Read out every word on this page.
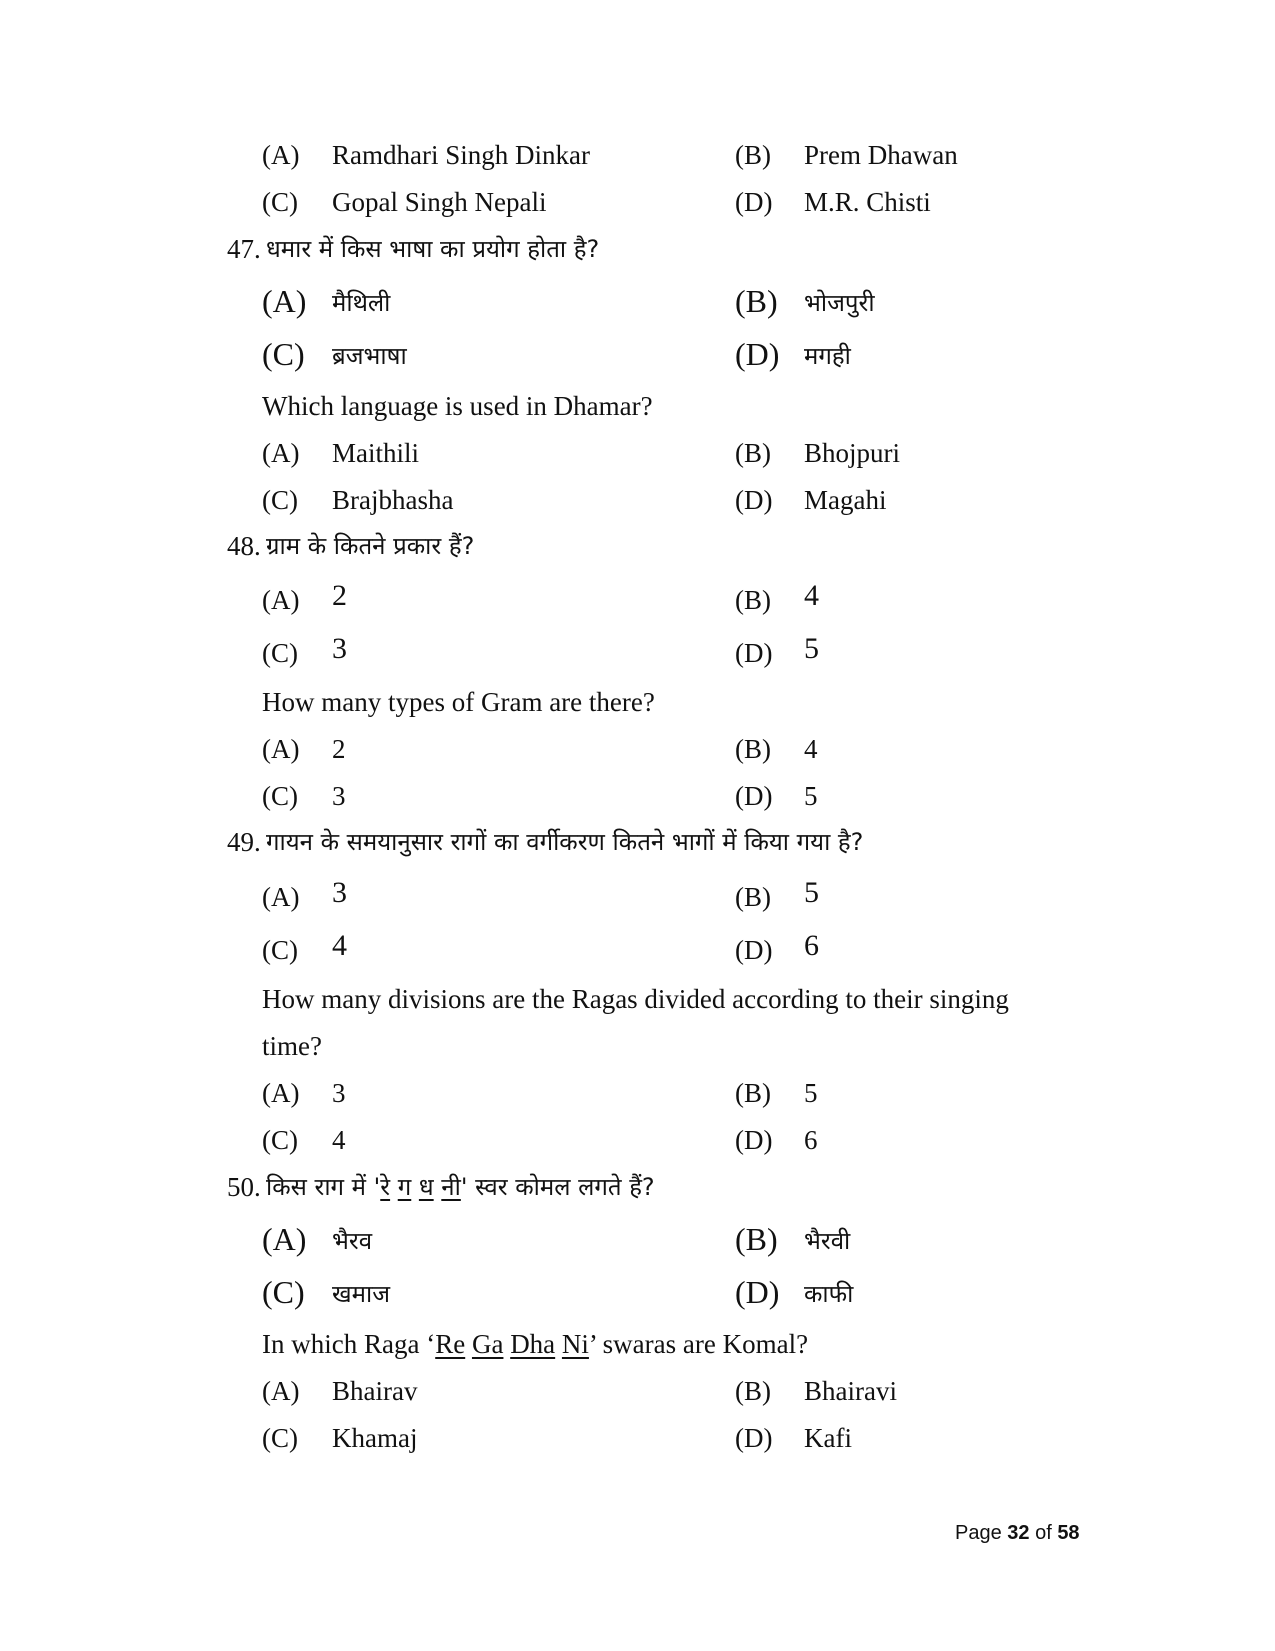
(A) Ramdhari Singh Dinkar	(B) Prem Dhawan
(C) Gopal Singh Nepali	(D) M.R. Chisti
47. धमार में किस भाषा का प्रयोग होता है?
(A) मैथिली	(B) भोजपुरी
(C) ब्रजभाषा	(D) मगही
Which language is used in Dhamar?
(A) Maithili	(B) Bhojpuri
(C) Brajbhasha	(D) Magahi
48. ग्राम के कितने प्रकार हैं?
(A) 2	(B) 4
(C) 3	(D) 5
How many types of Gram are there?
(A) 2	(B) 4
(C) 3	(D) 5
49. गायन के समयानुसार रागों का वर्गीकरण कितने भागों में किया गया है?
(A) 3	(B) 5
(C) 4	(D) 6
How many divisions are the Ragas divided according to their singing
time?
(A) 3	(B) 5
(C) 4	(D) 6
50. किस राग में 'रे ग ध नी' स्वर कोमल लगते हैं?
(A) भैरव	(B) भैरवी
(C) खमाज	(D) काफी
In which Raga ‘Re Ga Dha Ni’ swaras are Komal?
(A) Bhairav	(B) Bhairavi
(C) Khamaj	(D) Kafi
Page 32 of 58
